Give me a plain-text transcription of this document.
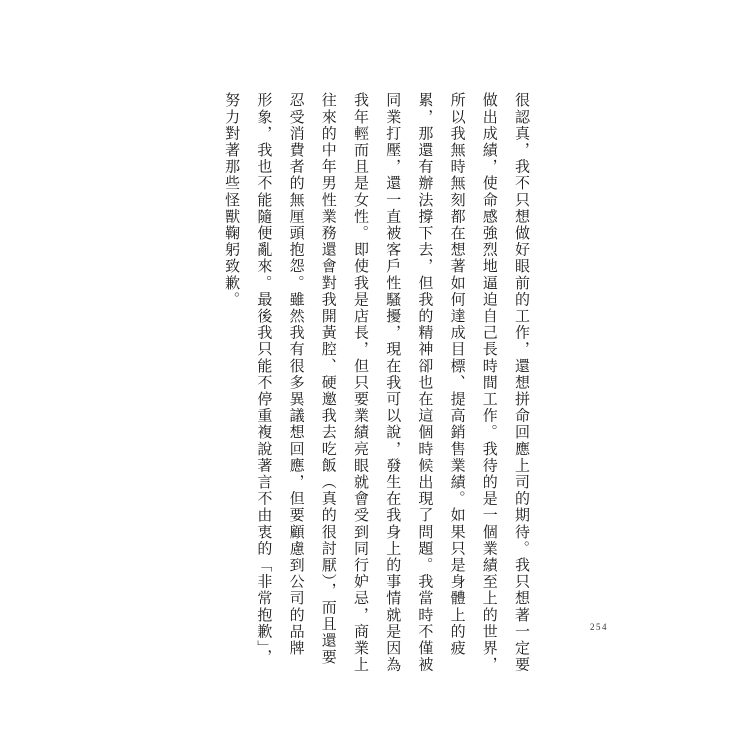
很認真，我不只想做好眼前的工作，還想拼命回應上司的期待。我只想著一定要
做出成績，使命感強烈地逼迫自己長時間工作。我待的是一個業績至上的世界，
所以我無時無刻都在想著如何達成目標、提高銷售業績。如果只是身體上的疲
累，那還有辦法撐下去，但我的精神卻也在這個時候出現了問題。我當時不僅被
同業打壓，還一直被客戶性騷擾，現在我可以說，發生在我身上的事情就是因為
我年輕而且是女性。即使我是店長，但只要業績亮眼就會受到同行妒忌，商業上
往來的中年男性業務還會對我開黃腔、硬邀我去吃飯（真的很討厭），而且還要
忍受消費者的無厘頭抱怨。雖然我有很多異議想回應，但要顧慮到公司的品牌
形象，我也不能隨便亂來。最後我只能不停重複說著言不由衷的「非常抱歉」，
努力對著那些怪獸鞠躬致歉。
254
